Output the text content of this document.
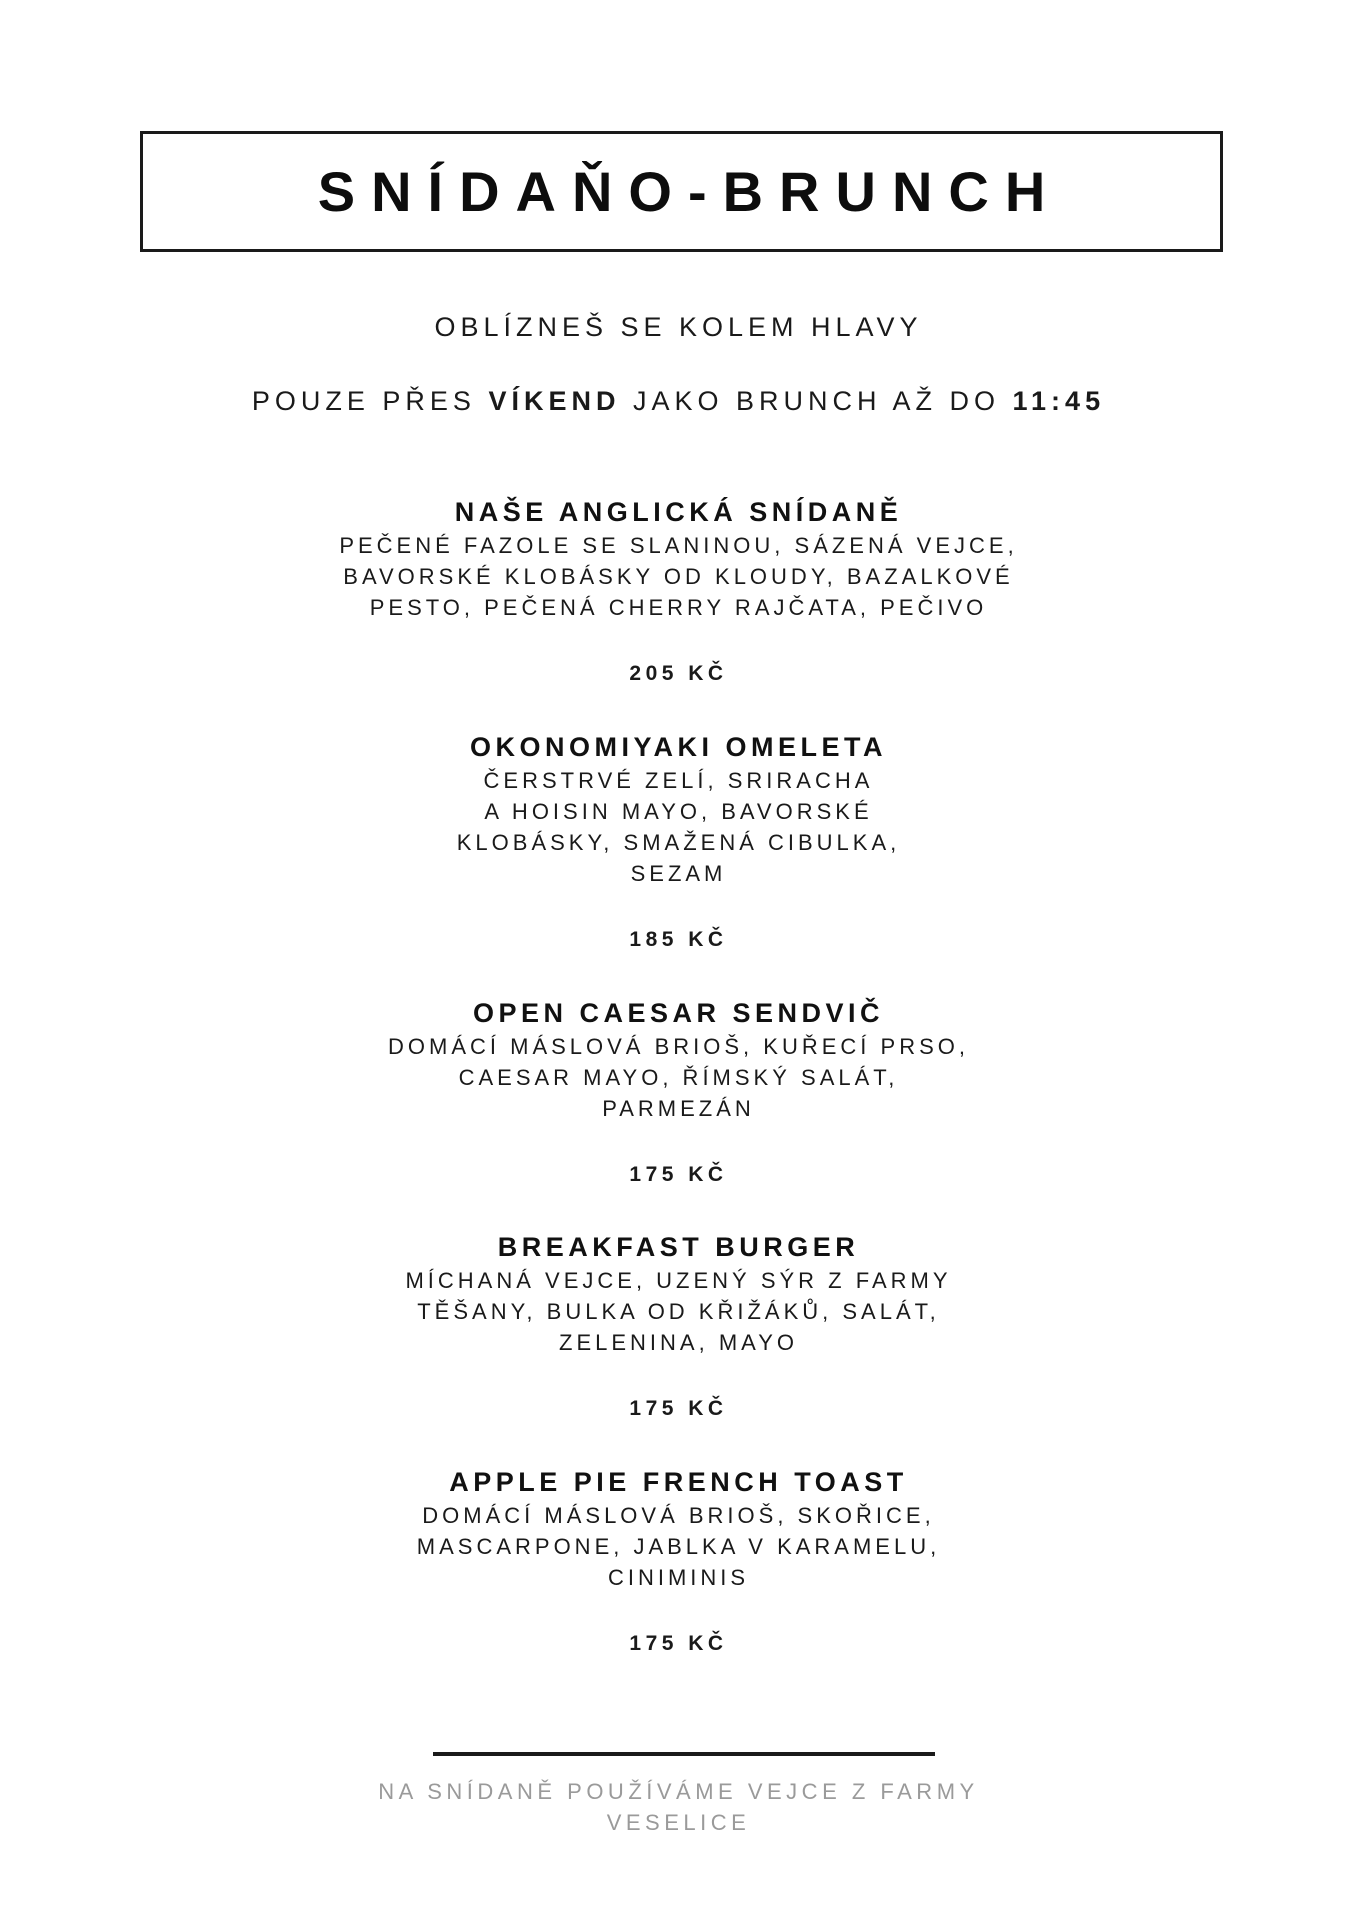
SNÍDAŇO-BRUNCH
OBLÍZNEŠ SE KOLEM HLAVY
POUZE PŘES VÍKEND JAKO BRUNCH AŽ DO 11:45
NAŠE ANGLICKÁ SNÍDANĚ
PEČENÉ FAZOLE SE SLANINOU, SÁZENÁ VEJCE,
BAVORSKÉ KLOBÁSKY OD KLOUDY, BAZALKOVÉ
PESTO, PEČENÁ CHERRY RAJČATA, PEČIVO
205 KČ
OKONOMIYAKI OMELETA
ČERSTRVÉ ZELÍ, SRIRACHA
A HOISIN MAYO, BAVORSKÉ
KLOBÁSKY, SMAŽENÁ CIBULKA,
SEZAM
185 KČ
OPEN CAESAR SENDVIČ
DOMÁCÍ MÁSLOVÁ BRIOŠ, KUŘECÍ PRSO,
CAESAR MAYO, ŘÍMSKÝ SALÁT,
PARMEZÁN
175 KČ
BREAKFAST BURGER
MÍCHANÁ VEJCE, UZENÝ SÝR Z FARMY
TĚŠANY, BULKA OD KŘIŽÁKŮ, SALÁT,
ZELENINA, MAYO
175 KČ
APPLE PIE FRENCH TOAST
DOMÁCÍ MÁSLOVÁ BRIOŠ, SKOŘICE,
MASCARPONE, JABLKA V KARAMELU,
CINIMINIS
175 KČ
NA SNÍDANĚ POUŽÍVÁME VEJCE Z FARMY
VESELICE
